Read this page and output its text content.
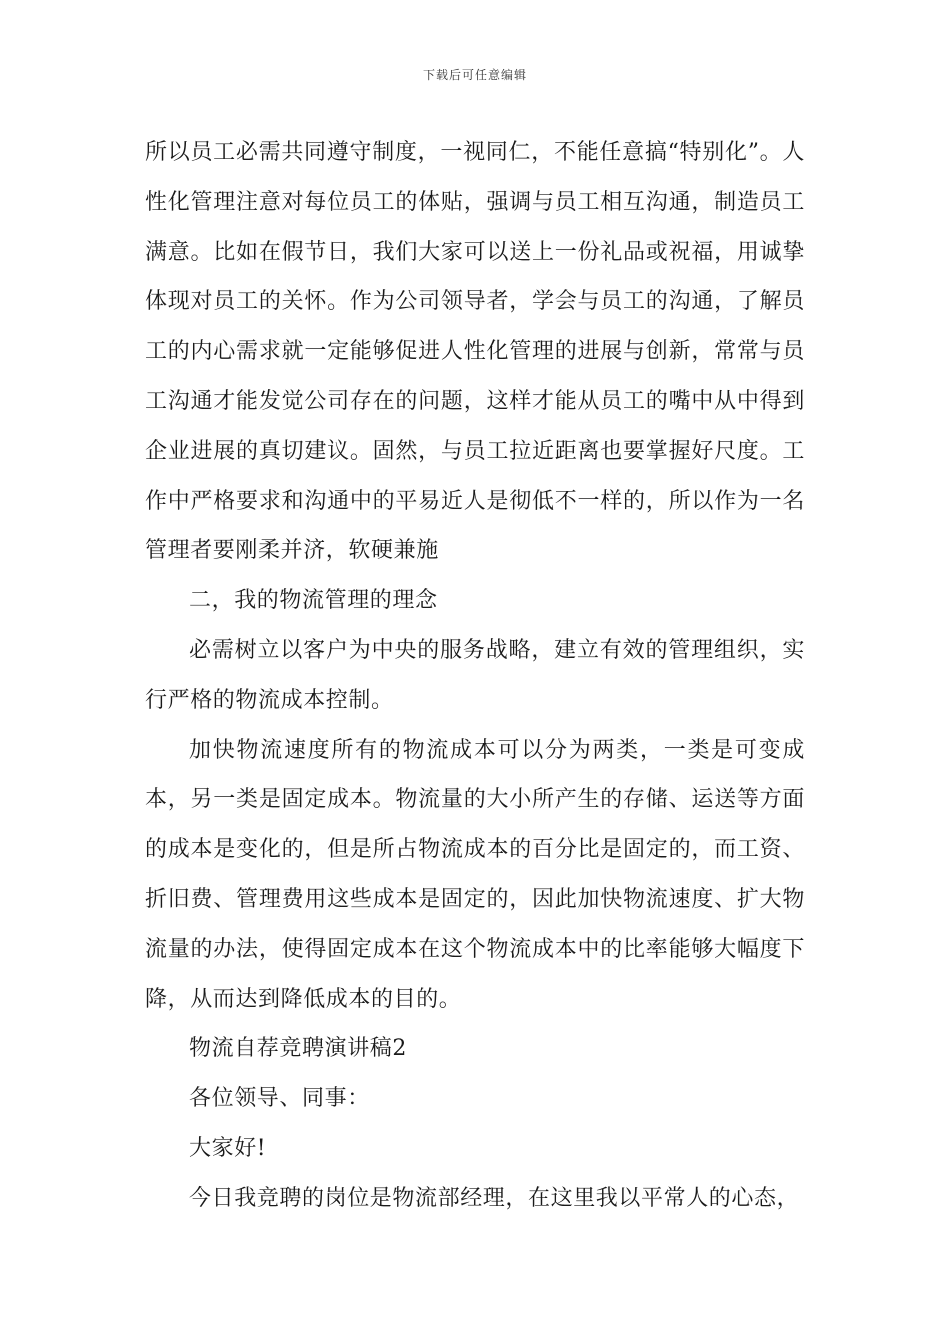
下载后可任意编辑

所以员工必需共同遵守制度，一视同仁，不能任意搞“特别化”。人性化管理注意对每位员工的体贴，强调与员工相互沟通，制造员工满意。比如在假节日，我们大家可以送上一份礼品或祝福，用诚挚体现对员工的关怀。作为公司领导者，学会与员工的沟通，了解员工的内心需求就一定能够促进人性化管理的进展与创新，常常与员工沟通才能发觉公司存在的问题，这样才能从员工的嘴中从中得到企业进展的真切建议。固然，与员工拉近距离也要掌握好尺度。工作中严格要求和沟通中的平易近人是彻低不一样的，所以作为一名管理者要刚柔并济，软硬兼施

二，我的物流管理的理念

必需树立以客户为中央的服务战略，建立有效的管理组织，实行严格的物流成本控制。

加快物流速度所有的物流成本可以分为两类，一类是可变成本，另一类是固定成本。物流量的大小所产生的存储、运送等方面的成本是变化的，但是所占物流成本的百分比是固定的，而工资、折旧费、管理费用这些成本是固定的，因此加快物流速度、扩大物流量的办法，使得固定成本在这个物流成本中的比率能够大幅度下降，从而达到降低成本的目的。

物流自荐竞聘演讲稿2

各位领导、同事：

大家好!

今日我竞聘的岗位是物流部经理，在这里我以平常人的心态，
